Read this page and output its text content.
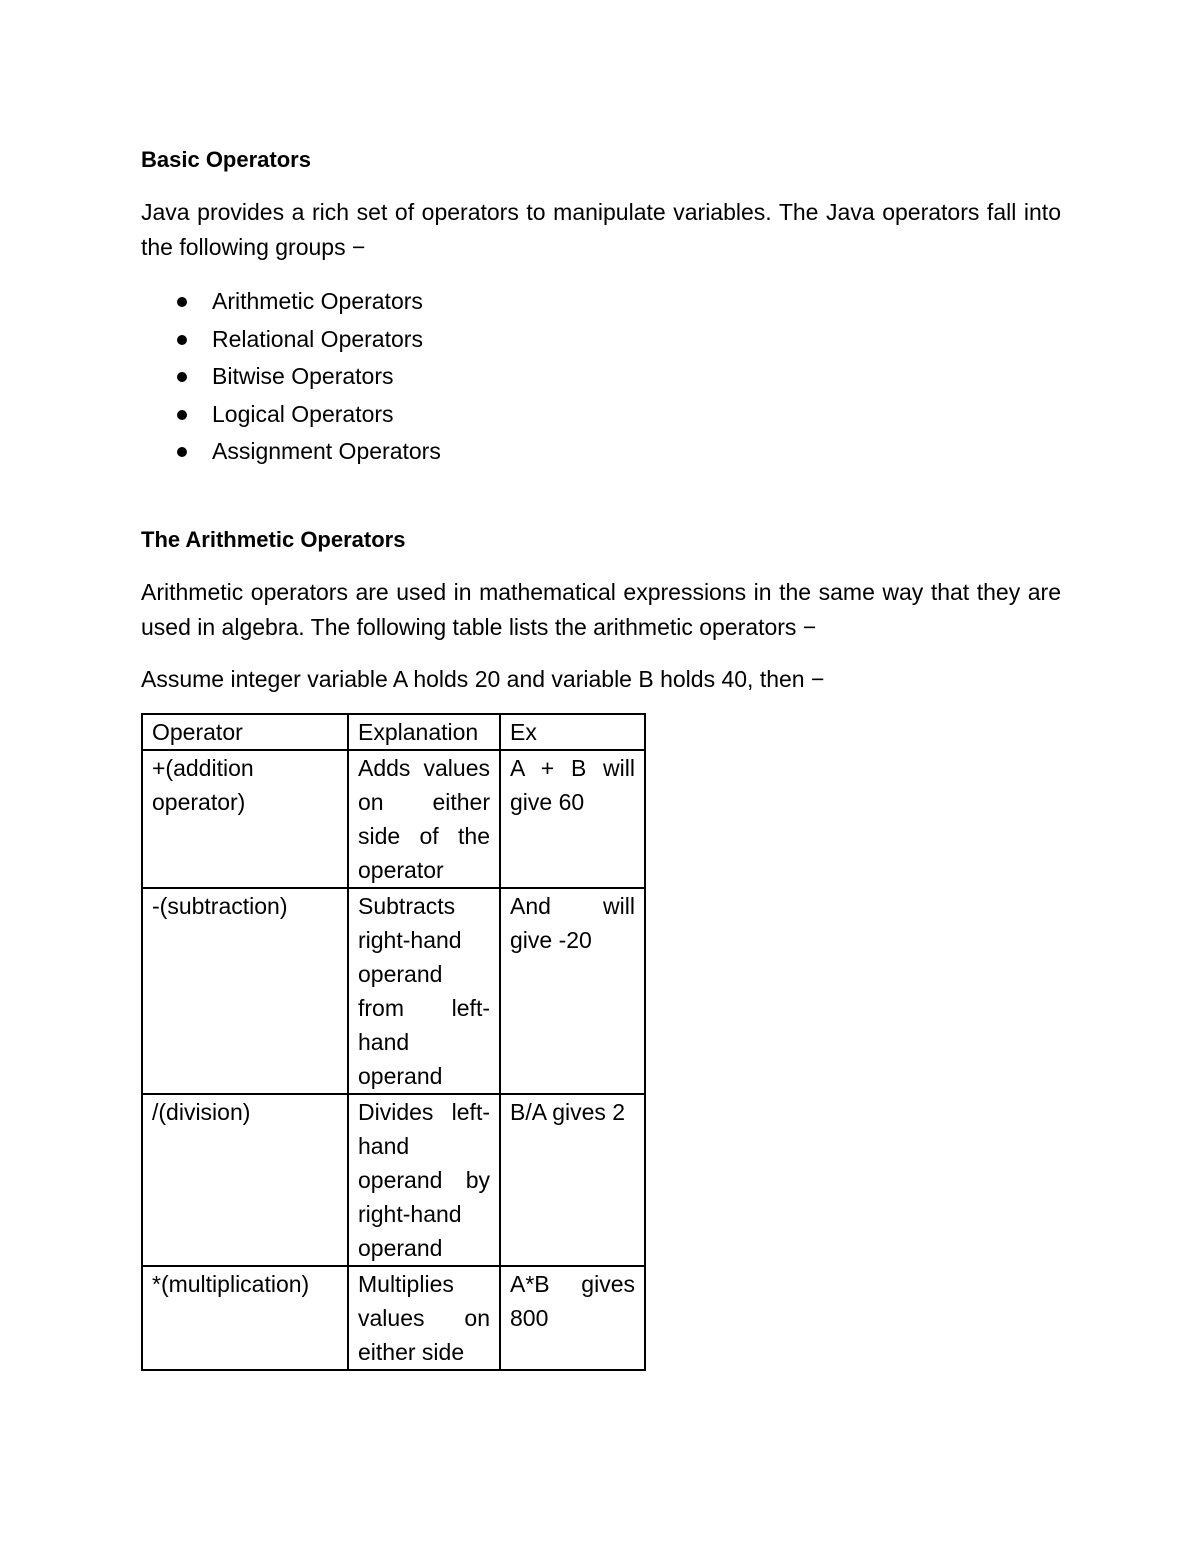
Basic Operators

Java provides a rich set of operators to manipulate variables. The Java operators fall into the following groups −

Arithmetic Operators
Relational Operators
Bitwise Operators
Logical Operators
Assignment Operators
The Arithmetic Operators

Arithmetic operators are used in mathematical expressions in the same way that they are used in algebra. The following table lists the arithmetic operators −

Assume integer variable A holds 20 and variable B holds 40, then −

Operator	Explanation	Ex
+(addition operator)	Adds values on either side of the operator	A + B will give 60
-(subtraction)	Subtracts right-hand operand from left-hand operand	And will give -20
/(division)	Divides left-hand operand by right-hand operand	B/A gives 2
*(multiplication)	Multiplies values on either side	A*B gives 800
